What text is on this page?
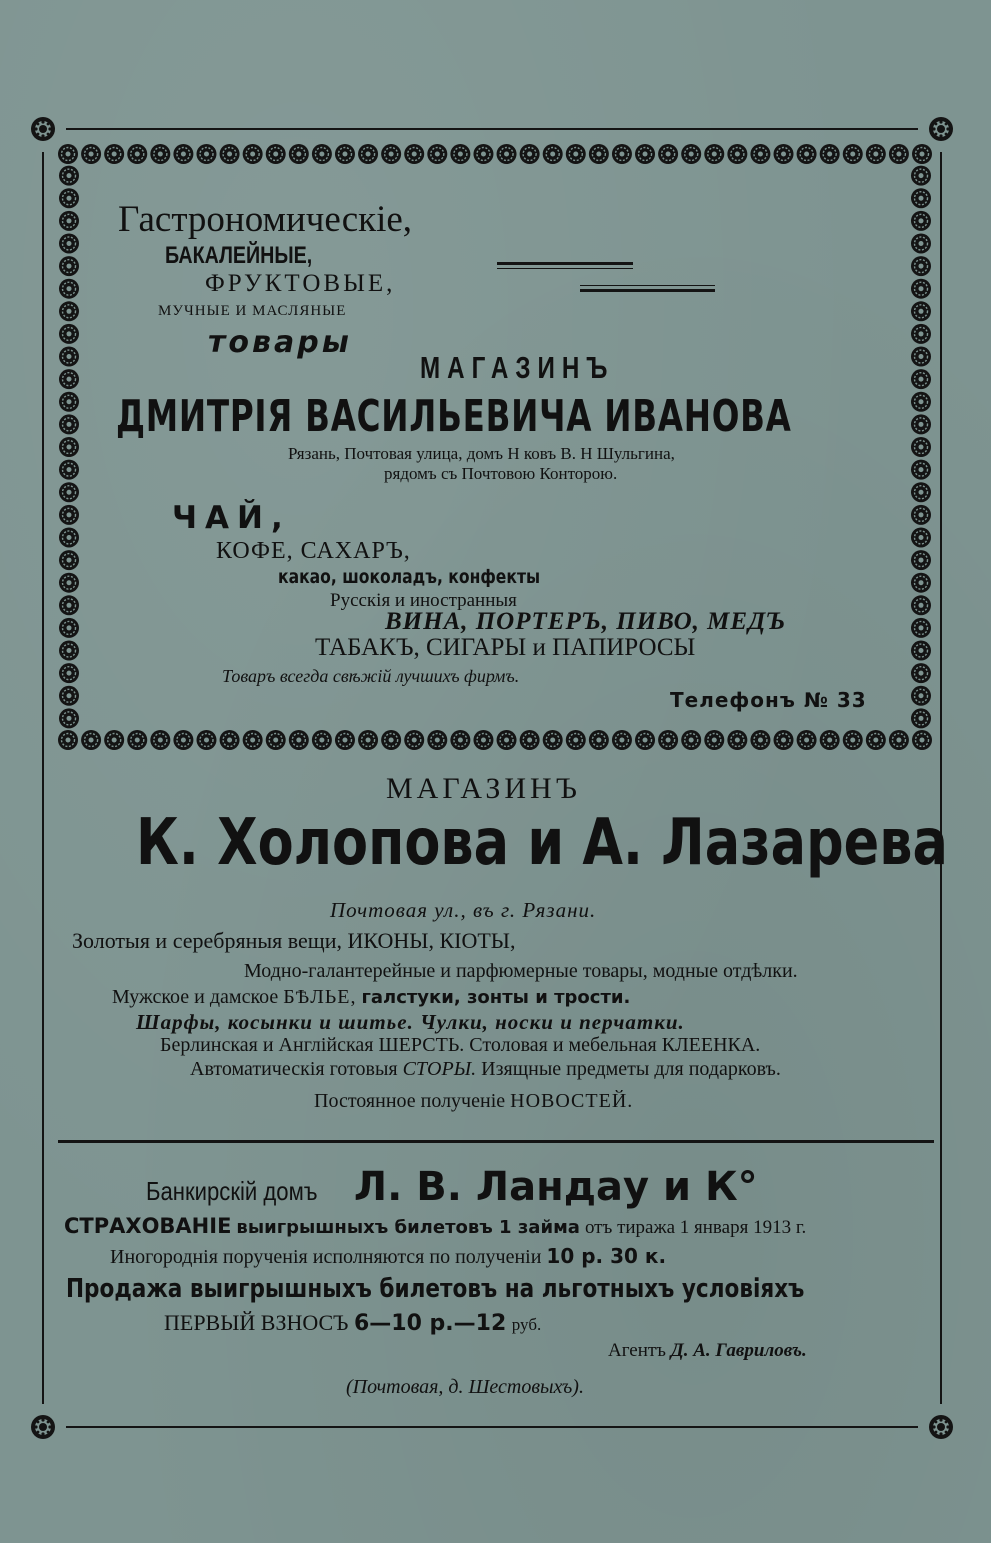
Гастрономическіе,
БАКАЛЕЙНЫЕ,
ФРУКТОВЫЕ,
МУЧНЫЕ И МАСЛЯНЫЕ
товары
МАГАЗИНЪ
ДМИТРІЯ ВАСИЛЬЕВИЧА ИВАНОВА
Рязань, Почтовая улица, домъ Н ковъ В. Н Шульгина,
рядомъ съ Почтовою Конторою.
ЧАЙ,
КОФЕ, САХАРЪ,
какао, шоколадъ, конфекты
Русскія и иностранныя
ВИНА, ПОРТЕРЪ, ПИВО, МЕДЪ
ТАБАКЪ, СИГАРЫ и ПАПИРОСЫ
Товаръ всегда свѣжій лучшихъ фирмъ.
Телефонъ № 33
МАГАЗИНЪ
К. Холопова и А. Лазарева
Почтовая ул., въ г. Рязани.
Золотыя и серебряныя вещи, ИКОНЫ, КІОТЫ,
Модно-галантерейные и парфюмерные товары, модные отдѣлки.
Мужское и дамское БѢЛЬЕ, галстуки, зонты и трости.
Шарфы, косынки и шитье. Чулки, носки и перчатки.
Берлинская и Англійская ШЕРСТЬ. Столовая и мебельная КЛЕЕНКА.
Автоматическія готовыя СТОРЫ. Изящные предметы для подарковъ.
Постоянное полученіе НОВОСТЕЙ.
Банкирскій домъ Л. В. Ландау и К°
СТРАХОВАНІЕ выигрышныхъ билетовъ 1 займа отъ тиража 1 января 1913 г.
Иногороднія порученія исполняются по полученіи 10 р. 30 к.
Продажа выигрышныхъ билетовъ на льготныхъ условіяхъ
ПЕРВЫЙ ВЗНОСЪ 6—10 р.—12 руб.
Агентъ Д. А. Гавриловъ.
(Почтовая, д. Шестовыхъ).
